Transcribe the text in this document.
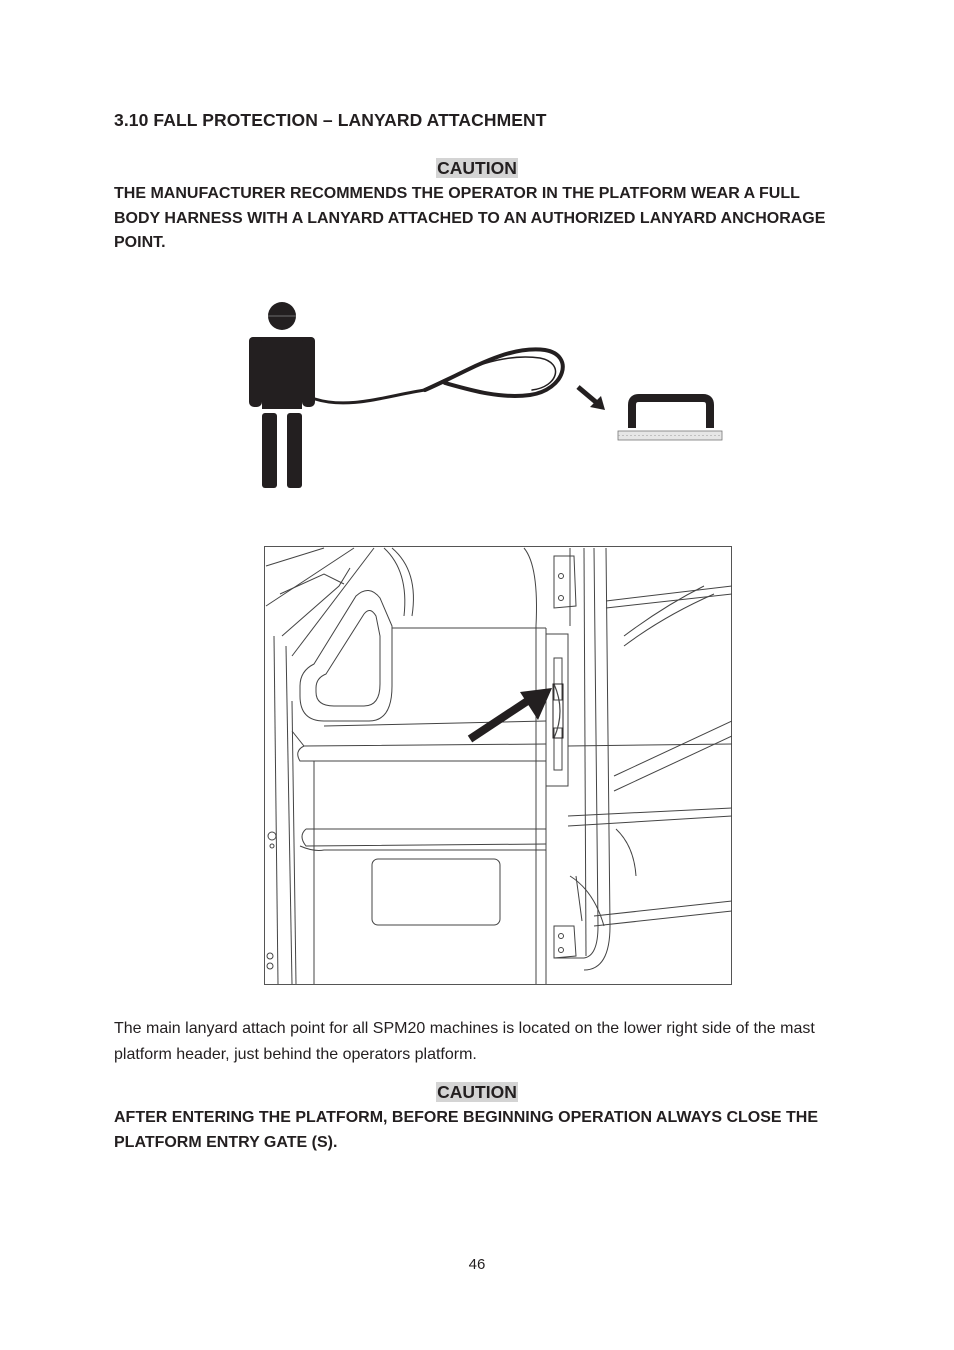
3.10 FALL PROTECTION – LANYARD ATTACHMENT
CAUTION
THE MANUFACTURER RECOMMENDS THE OPERATOR IN THE PLATFORM WEAR A FULL BODY HARNESS WITH A LANYARD ATTACHED TO AN AUTHORIZED LANYARD ANCHORAGE POINT.
The main lanyard attach point for all SPM20 machines is located on the lower right side of the mast platform header, just behind the operators platform.
CAUTION
AFTER ENTERING THE PLATFORM, BEFORE BEGINNING OPERATION ALWAYS CLOSE THE PLATFORM ENTRY GATE (S).
46
